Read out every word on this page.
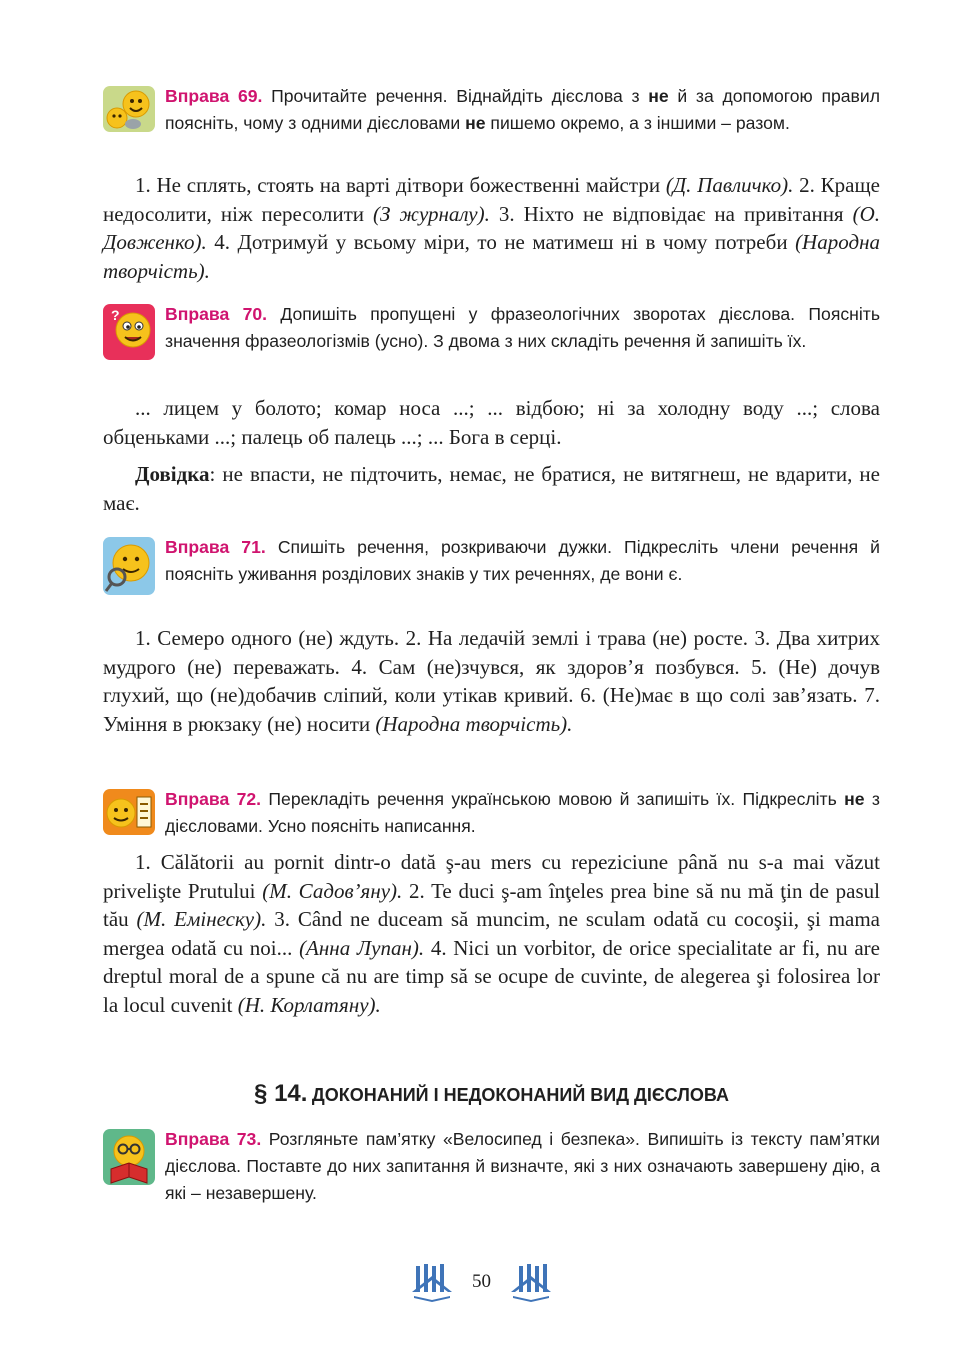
Вправа 69. Прочитайте речення. Віднайдіть дієслова з не й за допомогою правил поясніть, чому з одними дієсловами не пишемо окремо, а з іншими – разом.

1. Не сплять, стоять на варті дітвори божественні майстри (Д. Павличко). 2. Краще недосолити, ніж пересолити (З журналу). 3. Ніхто не відповідає на привітання (О. Довженко). 4. Дотримуй у всьому міри, то не матимеш ні в чому потреби (Народна творчість).

?	Вправа 70. Допишіть пропущені у фразеологічних зворотах дієслова. Поясніть значення фразеологізмів (усно). З двома з них складіть речення й запишіть їх.

... лицем у болото; комар носа ...; ... відбою; ні за холодну воду ...; слова обценьками ...; палець об палець ...; ... Бога в серці.

Довідка: не впасти, не підточить, немає, не братися, не витягнеш, не вдарити, не має.

Вправа 71. Спишіть речення, розкриваючи дужки. Підкресліть члени речення й поясніть уживання розділових знаків у тих реченнях, де вони є.

1. Семеро одного (не) ждуть. 2. На ледачій землі і трава (не) росте. 3. Два хитрих мудрого (не) переважать. 4. Сам (не)зчувся, як здоров’я позбувся. 5. (Не) дочув глухий, що (не)добачив сліпий, коли утікав кривий. 6. (Не)має в що солі зав’язать. 7. Уміння в рюкзаку (не) носити (Народна творчість).

Вправа 72. Перекладіть речення українською мовою й запишіть їх. Підкресліть не з дієсловами. Усно поясніть написання.

1. Călătorii au pornit dintr-o dată ş-au mers cu repeziciune până nu s-a mai văzut privelişte Prutului (М. Садов’яну). 2. Te duci ş-am înţeles prea bine să nu mă ţin de pasul tău (М. Емінеску). 3. Când ne duceam să muncim, ne sculam odată cu cocoşii, şi mama mergea odată cu noi... (Анна Лупан). 4. Nici un vorbitor, de orice specialitate ar fi, nu are dreptul moral de a spune că nu are timp să se ocupe de cuvinte, de alegerea şi folosirea lor la locul cuvenit (Н. Корлатяну).

§ 14. ДОКОНАНИЙ І НЕДОКОНАНИЙ ВИД ДІЄСЛОВА
Вправа 73. Розгляньте пам’ятку «Велосипед і безпека». Випишіть із тексту пам’ятки дієслова. Поставте до них запитання й визначте, які з них означають завершену дію, а які – незавершену.
50
